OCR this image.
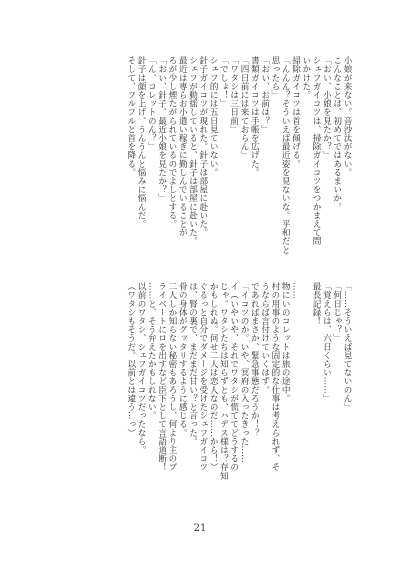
小娘が来ない。音沙汰がない。
こんなことは、初めてではあるまいか。
「おい、小娘を見たか？」
シェフガイコツは、掃除ガイコツをつかまえて問
いかけた。
掃除ガイコツは首を傾げる。
「んんん？そういえば最近姿を見ないな。平和だと
思ったら」
「おい、お前は？」
書類ガイコツは手帳を広げた。
「四日前には来ておらん」
「ワタシは三日前」
「でしょ！」
シェフ的には五日見ていない。
針子ガイコツが現れた。針子は部屋に赴いた。
シェフが動揺していると、針子は部屋に赴いた。
最近は専らお小遣い稼ぎに勤しんでいることが
ろが少し煙たがられているのでよしとする。
「おい、針子、最近小娘を見たか？」
「ん、コレットのん？」
針子は顔を上げ、うんうんと悩みに悩んだ。
そして、フルフルと首を降る。
「……そういえば見てないのん」
「何日じゃ？」
「覚えらは、六日くらい……」
最長記録！
……
物にいのコレットは旅の途中。
村の用事のような固定的な仕事は考えられず、そ
うならば言付けていくはず。
であればまさか、緊急事態だろうか！？
「イコツのか。いや、冥府の入ったきった……
イ（いやいや、それでワタシが慌ててどうするの
じゃ。ワタシたちは知らずとも、ハデス様は？存知
かもしれぬ。何せ二人は恋人なのだ……から！）
ぐるっと自分でダメージを受けたシェフガイコツ
は、腎の裏で、まだまだ甘い？と言った。
骨の身体がグッタリするように感じる。
二人しか知らない秘密もあろうし、何より主のプ
ライベートにロを出すなど臣下として言語道断！
……と、そう弁えたかもしれない。
以前のワタシ、シェフガイコツだったなら。
（ワタシもそうだ。以前とは違う…っ）
21
